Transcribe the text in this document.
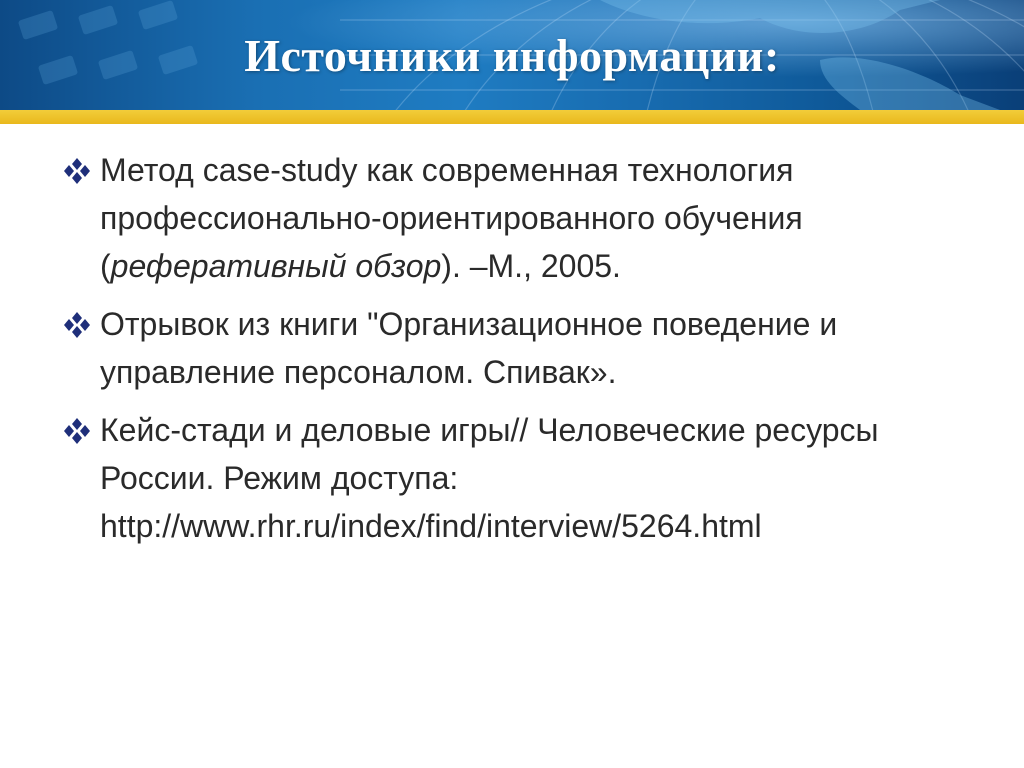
Источники информации:
Метод case-study как современная технология профессионально-ориентированного обучения (реферативный обзор). –М., 2005.
Отрывок из книги "Организационное поведение и управление персоналом. Спивак».
Кейс-стади и деловые игры// Человеческие ресурсы России. Режим доступа: http://www.rhr.ru/index/find/interview/5264.html
